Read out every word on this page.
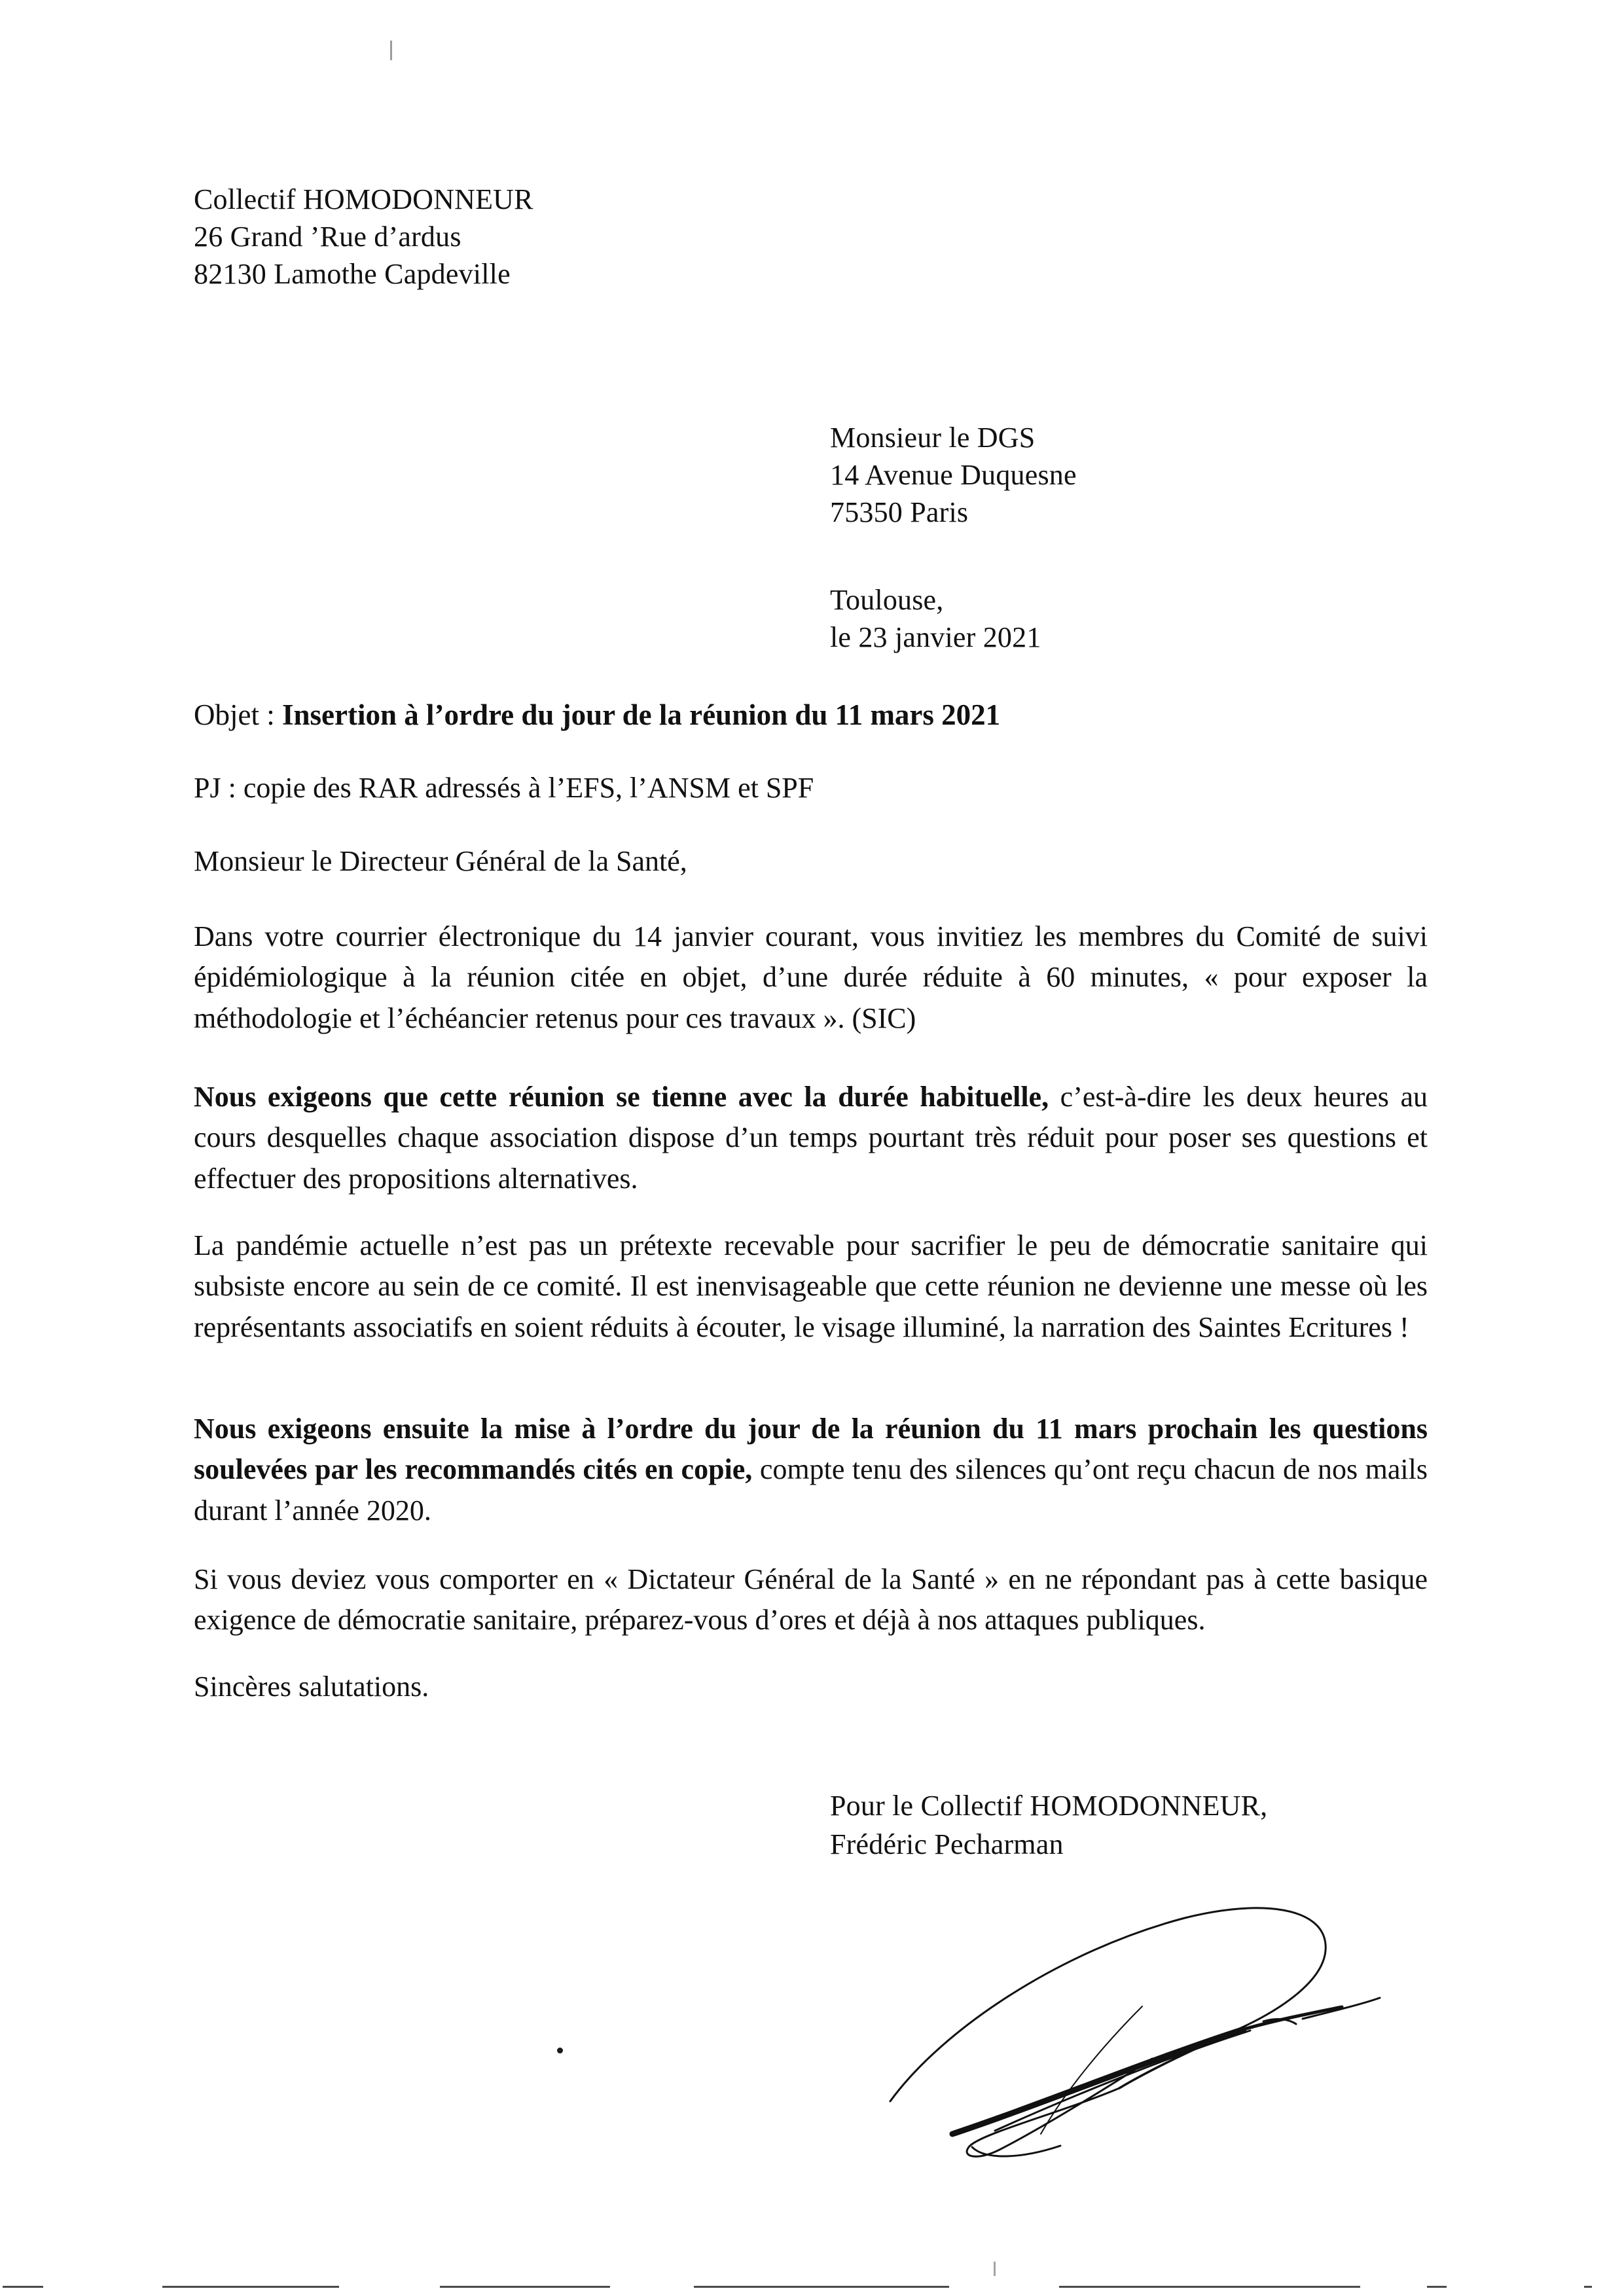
Collectif HOMODONNEUR
26 Grand ’Rue d’ardus
82130 Lamothe Capdeville
Monsieur le DGS
14 Avenue Duquesne
75350 Paris
Toulouse,
le 23 janvier 2021
Objet : Insertion à l’ordre du jour de la réunion du 11 mars 2021
PJ : copie des RAR adressés à l’EFS, l’ANSM et SPF
Monsieur le Directeur Général de la Santé,
Dans votre courrier électronique du 14 janvier courant, vous invitiez les membres du Comité de suivi épidémiologique à la réunion citée en objet, d’une durée réduite à 60 minutes, « pour exposer la méthodologie et l’échéancier retenus pour ces travaux ». (SIC)
Nous exigeons que cette réunion se tienne avec la durée habituelle, c’est-à-dire les deux heures au cours desquelles chaque association dispose d’un temps pourtant très réduit pour poser ses questions et effectuer des propositions alternatives.
La pandémie actuelle n’est pas un prétexte recevable pour sacrifier le peu de démocratie sanitaire qui subsiste encore au sein de ce comité. Il est inenvisageable que cette réunion ne devienne une messe où les représentants associatifs en soient réduits à écouter, le visage illuminé, la narration des Saintes Ecritures !
Nous exigeons ensuite la mise à l’ordre du jour de la réunion du 11 mars prochain les questions soulevées par les recommandés cités en copie, compte tenu des silences qu’ont reçu chacun de nos mails durant l’année 2020.
Si vous deviez vous comporter en « Dictateur Général de la Santé » en ne répondant pas à cette basique exigence de démocratie sanitaire, préparez-vous d’ores et déjà à nos attaques publiques.
Sincères salutations.
Pour le Collectif HOMODONNEUR,
Frédéric Pecharman
